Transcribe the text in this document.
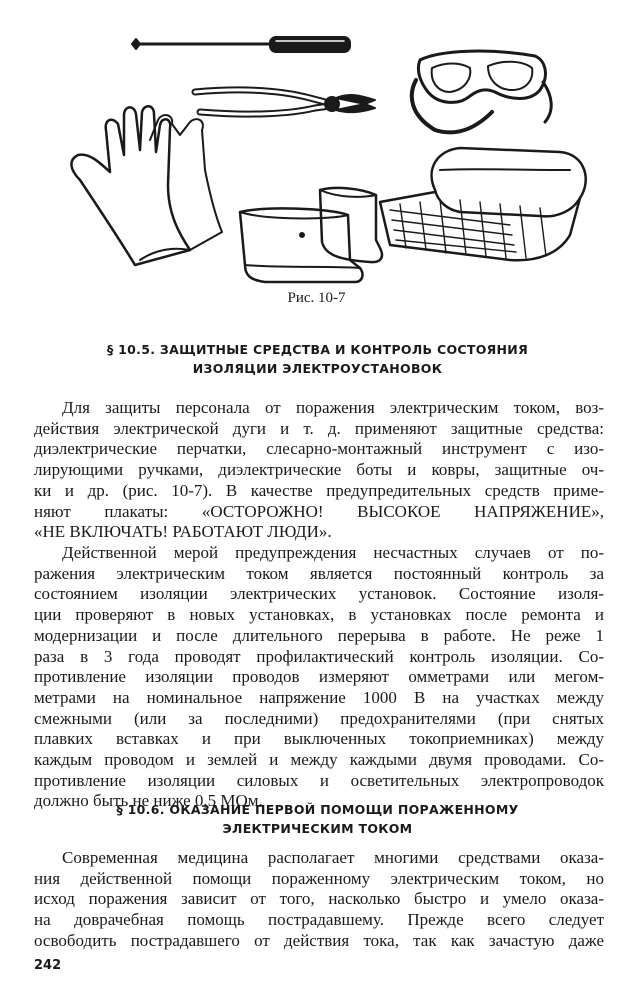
Рис. 10-7
§ 10.5. ЗАЩИТНЫЕ СРЕДСТВА И КОНТРОЛЬ СОСТОЯНИЯ
ИЗОЛЯЦИИ ЭЛЕКТРОУСТАНОВОК
Для защиты персонала от поражения электрическим током, воз-
действия электрической дуги и т. д. применяют защитные средства:
диэлектрические перчатки, слесарно-монтажный инструмент с изо-
лирующими ручками, диэлектрические боты и ковры, защитные оч-
ки и др. (рис. 10-7). В качестве предупредительных средств приме-
няют плакаты: «ОСТОРОЖНО! ВЫСОКОЕ НАПРЯЖЕНИЕ»,
«НЕ ВКЛЮЧАТЬ! РАБОТАЮТ ЛЮДИ».
Действенной мерой предупреждения несчастных случаев от по-
ражения электрическим током является постоянный контроль за
состоянием изоляции электрических установок. Состояние изоля-
ции проверяют в новых установках, в установках после ремонта и
модернизации и после длительного перерыва в работе. Не реже 1
раза в 3 года проводят профилактический контроль изоляции. Со-
противление изоляции проводов измеряют омметрами или мегом-
метрами на номинальное напряжение 1000 В на участках между
смежными (или за последними) предохранителями (при снятых
плавких вставках и при выключенных токоприемниках) между
каждым проводом и землей и между каждыми двумя проводами. Со-
противление изоляции силовых и осветительных электропроводок
должно быть не ниже 0,5 МОм.
§ 10.6. ОКАЗАНИЕ ПЕРВОЙ ПОМОЩИ ПОРАЖЕННОМУ
ЭЛЕКТРИЧЕСКИМ ТОКОМ
Современная медицина располагает многими средствами оказа-
ния действенной помощи пораженному электрическим током, но
исход поражения зависит от того, насколько быстро и умело оказа-
на доврачебная помощь пострадавшему. Прежде всего следует
освободить пострадавшего от действия тока, так как зачастую даже
242
